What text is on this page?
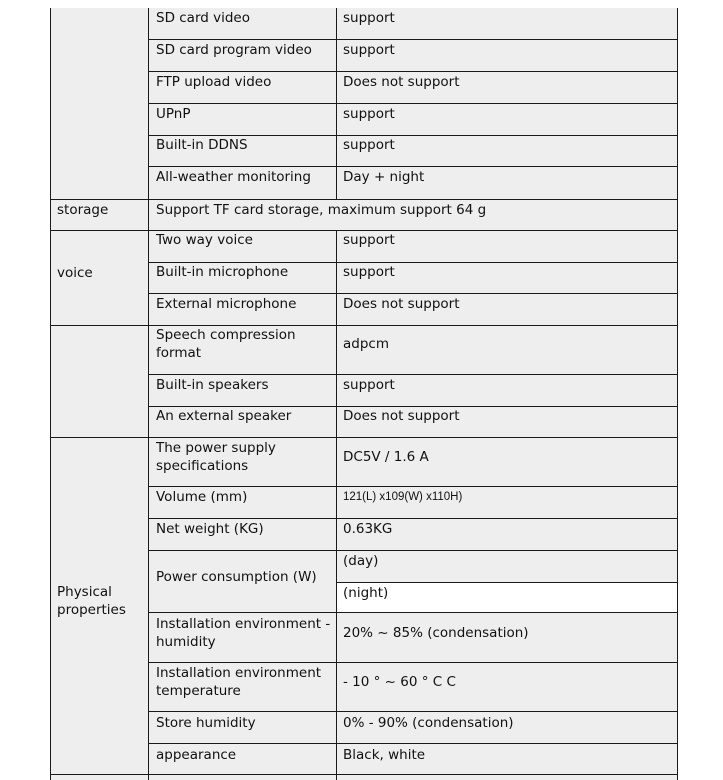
storage
voice
Physical
properties
SD card video
SD card program video
FTP upload video
UPnP
Built-in DDNS
All-weather monitoring
Two way voice
Built-in microphone
External microphone
Speech compression
format
Built-in speakers
An external speaker
The power supply
specifications
Volume (mm)
Net weight (KG)
Power consumption (W)
Installation environment -
humidity
Installation environment
temperature
Store humidity
appearance
support
support
Does not support
support
support
Day + night
Support TF card storage, maximum support 64 g
support
support
Does not support
adpcm
support
Does not support
DC5V / 1.6 A
121(L) x109(W) x110H)
0.63KG
(day)
(night)
20% ~ 85% (condensation)
- 10 ° ~ 60 ° C C
0% - 90% (condensation)
Black, white
